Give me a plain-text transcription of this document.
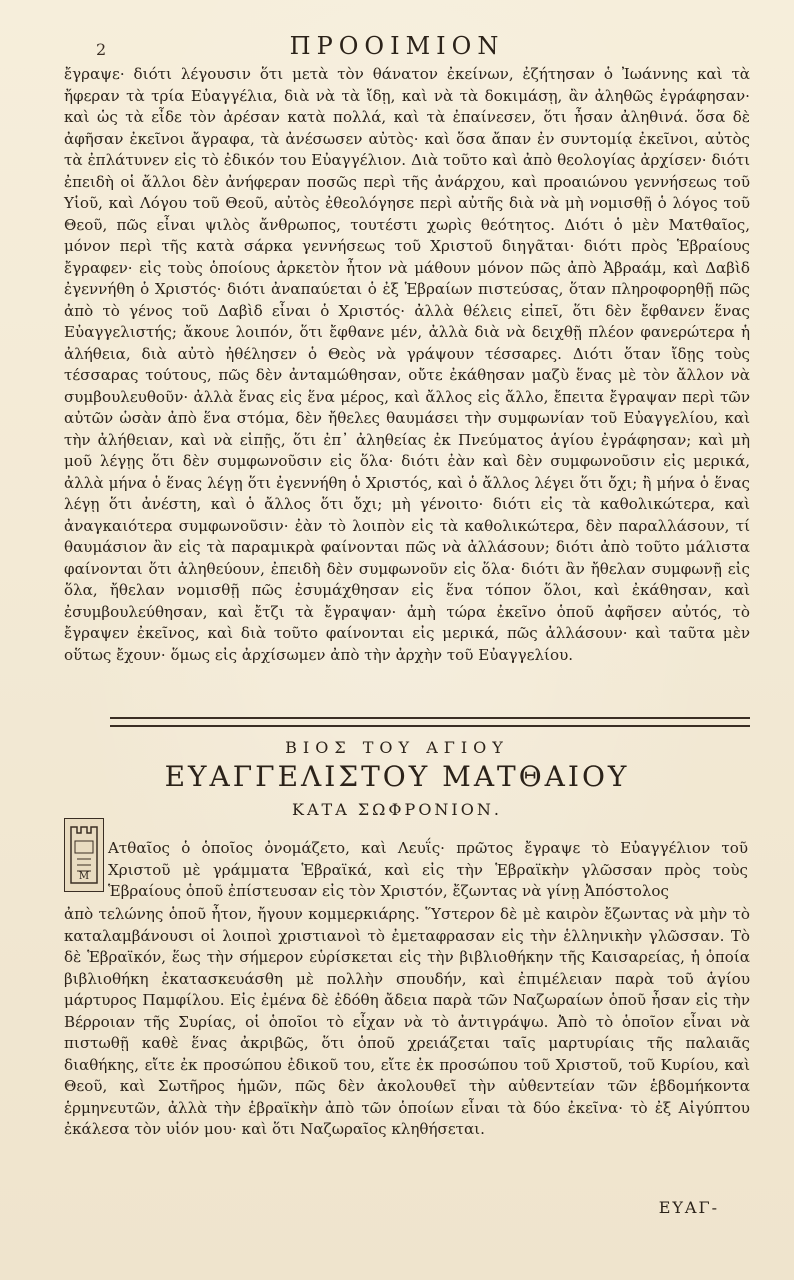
2	ΠΡΟΟΙΜΙΟΝ

ἔγραψε· διότι λέγουσιν ὅτι μετὰ τὸν θάνατον ἐκείνων, ἐζήτησαν ὁ Ἰωάννης καὶ τὰ ἤφεραν τὰ τρία Εὐαγγέλια, διὰ νὰ τὰ ἴδῃ, καὶ νὰ τὰ δοκιμάσῃ, ἂν ἀληθῶς ἐγράφησαν· καὶ ὡς τὰ εἶδε τὸν ἀρέσαν κατὰ πολλά, καὶ τὰ ἐπαίνεσεν, ὅτι ἦσαν ἀληθινά. ὅσα δὲ ἀφῆσαν ἐκεῖνοι ἄγραφα, τὰ ἀνέσωσεν αὐτὸς· καὶ ὅσα ἄπαν ἐν συντομίᾳ ἐκεῖνοι, αὐτὸς τὰ ἐπλάτυνεν εἰς τὸ ἐδικόν του Εὐαγγέλιον. Διὰ τοῦτο καὶ ἀπὸ θεολογίας ἀρχίσεν· διότι ἐπειδὴ οἱ ἄλλοι δὲν ἀνήφεραν ποσῶς περὶ τῆς ἀνάρχου, καὶ προαιώνου γεννήσεως τοῦ Υἱοῦ, καὶ Λόγου τοῦ Θεοῦ, αὐτὸς ἐθεολόγησε περὶ αὐτῆς διὰ νὰ μὴ νομισθῇ ὁ λόγος τοῦ Θεοῦ, πῶς εἶναι ψιλὸς ἄνθρωπος, τουτέστι χωρὶς θεότητος. Διότι ὁ μὲν Ματθαῖος, μόνον περὶ τῆς κατὰ σάρκα γεννήσεως τοῦ Χριστοῦ διηγᾶται· διότι πρὸς Ἑβραίους ἔγραφεν· εἰς τοὺς ὁποίους ἀρκετὸν ἦτον νὰ μάθουν μόνον πῶς ἀπὸ Ἀβραάμ, καὶ Δαβὶδ ἐγεννήθη ὁ Χριστός· διότι ἀναπαύεται ὁ ἐξ Ἑβραίων πιστεύσας, ὅταν πληροφορηθῇ πῶς ἀπὸ τὸ γένος τοῦ Δαβὶδ εἶναι ὁ Χριστός· ἀλλὰ θέλεις εἰπεῖ, ὅτι δὲν ἔφθανεν ἕνας Εὐαγγελιστής; ἄκουε λοιπόν, ὅτι ἔφθανε μέν, ἀλλὰ διὰ νὰ δειχθῇ πλέον φανερώτερα ἡ ἀλήθεια, διὰ αὐτὸ ἠθέλησεν ὁ Θεὸς νὰ γράψουν τέσσαρες. Διότι ὅταν ἴδῃς τοὺς τέσσαρας τούτους, πῶς δὲν ἀνταμώθησαν, οὔτε ἐκάθησαν μαζὺ ἕνας μὲ τὸν ἄλλον νὰ συμβουλευθοῦν· ἀλλὰ ἕνας εἰς ἕνα μέρος, καὶ ἄλλος εἰς ἄλλο, ἔπειτα ἔγραψαν περὶ τῶν αὐτῶν ὡσὰν ἀπὸ ἕνα στόμα, δὲν ἤθελες θαυμάσει τὴν συμφωνίαν τοῦ Εὐαγγελίου, καὶ τὴν ἀλήθειαν, καὶ νὰ εἰπῇς, ὅτι ἐπ᾽ ἀληθείας ἐκ Πνεύματος ἁγίου ἐγράφησαν; καὶ μὴ μοῦ λέγῃς ὅτι δὲν συμφωνοῦσιν εἰς ὅλα· διότι ἐὰν καὶ δὲν συμφωνοῦσιν εἰς μερικά, ἀλλὰ μήνα ὁ ἕνας λέγῃ ὅτι ἐγεννήθη ὁ Χριστός, καὶ ὁ ἄλλος λέγει ὅτι ὄχι; ἢ μήνα ὁ ἕνας λέγῃ ὅτι ἀνέστη, καὶ ὁ ἄλλος ὅτι ὄχι; μὴ γένοιτο· διότι εἰς τὰ καθολικώτερα, καὶ ἀναγκαιότερα συμφωνοῦσιν· ἐὰν τὸ λοιπὸν εἰς τὰ καθολικώτερα, δὲν παραλλάσουν, τί θαυμάσιον ἂν εἰς τὰ παραμικρὰ φαίνονται πῶς νὰ ἀλλάσουν; διότι ἀπὸ τοῦτο μάλιστα φαίνονται ὅτι ἀληθεύουν, ἐπειδὴ δὲν συμφωνοῦν εἰς ὅλα· διότι ἂν ἤθελαν συμφωνῇ εἰς ὅλα, ἤθελαν νομισθῇ πῶς ἐσυμάχθησαν εἰς ἕνα τόπον ὅλοι, καὶ ἐκάθησαν, καὶ ἐσυμβουλεύθησαν, καὶ ἔτζι τὰ ἔγραψαν· ἀμὴ τώρα ἐκεῖνο ὁποῦ ἀφῆσεν αὐτός, τὸ ἔγραψεν ἐκεῖνος, καὶ διὰ τοῦτο φαίνονται εἰς μερικά, πῶς ἀλλάσουν· καὶ ταῦτα μὲν οὕτως ἔχουν· ὅμως εἰς ἀρχίσωμεν ἀπὸ τὴν ἀρχὴν τοῦ Εὐαγγελίου.

ΒΙΟΣ ΤΟΥ ΑΓΙΟΥ
ΕΥΑΓΓΕΛΙΣΤΟΥ ΜΑΤΘΑΙΟΥ
ΚΑΤΑ ΣΩΦΡΟΝΙΟΝ.
Μ

Ατθαῖος ὁ ὁποῖος ὀνομάζετο, καὶ Λευΐς· πρῶτος ἔγραψε τὸ Εὐαγγέλιον τοῦ Χριστοῦ μὲ γράμματα Ἑβραϊκά, καὶ εἰς τὴν Ἑβραϊκὴν γλῶσσαν πρὸς τοὺς Ἑβραίους ὁποῦ ἐπίστευσαν εἰς τὸν Χριστόν, ἔζωντας νὰ γίνῃ Ἀπόστολος

ἀπὸ τελώνης ὁποῦ ἦτον, ἤγουν κομμερκιάρης. Ὕστερον δὲ μὲ καιρὸν ἔζωντας νὰ μὴν τὸ καταλαμβάνουσι οἱ λοιποὶ χριστιανοὶ τὸ ἐμεταφρασαν εἰς τὴν ἑλληνικὴν γλῶσσαν. Τὸ δὲ Ἑβραϊκόν, ἕως τὴν σήμερον εὑρίσκεται εἰς τὴν βιβλιοθήκην τῆς Καισαρείας, ἡ ὁποία βιβλιοθήκη ἐκατασκευάσθη μὲ πολλὴν σπουδήν, καὶ ἐπιμέλειαν παρὰ τοῦ ἁγίου μάρτυρος Παμφίλου. Εἰς ἐμένα δὲ ἐδόθη ἄδεια παρὰ τῶν Ναζωραίων ὁποῦ ἦσαν εἰς τὴν Βέρροιαν τῆς Συρίας, οἱ ὁποῖοι τὸ εἶχαν νὰ τὸ ἀντιγράψω. Ἀπὸ τὸ ὁποῖον εἶναι νὰ πιστωθῇ καθὲ ἕνας ἀκριβῶς, ὅτι ὁποῦ χρειάζεται ταῖς μαρτυρίαις τῆς παλαιᾶς διαθήκης, εἴτε ἐκ προσώπου ἐδικοῦ του, εἴτε ἐκ προσώπου τοῦ Χριστοῦ, τοῦ Κυρίου, καὶ Θεοῦ, καὶ Σωτῆρος ἡμῶν, πῶς δὲν ἀκολουθεῖ τὴν αὐθεντείαν τῶν ἑβδομήκοντα ἑρμηνευτῶν, ἀλλὰ τὴν ἑβραϊκὴν ἀπὸ τῶν ὁποίων εἶναι τὰ δύο ἐκεῖνα· τὸ ἐξ Αἰγύπτου ἐκάλεσα τὸν υἱόν μου· καὶ ὅτι Ναζωραῖος κληθήσεται.

ΕΥΑΓ-
